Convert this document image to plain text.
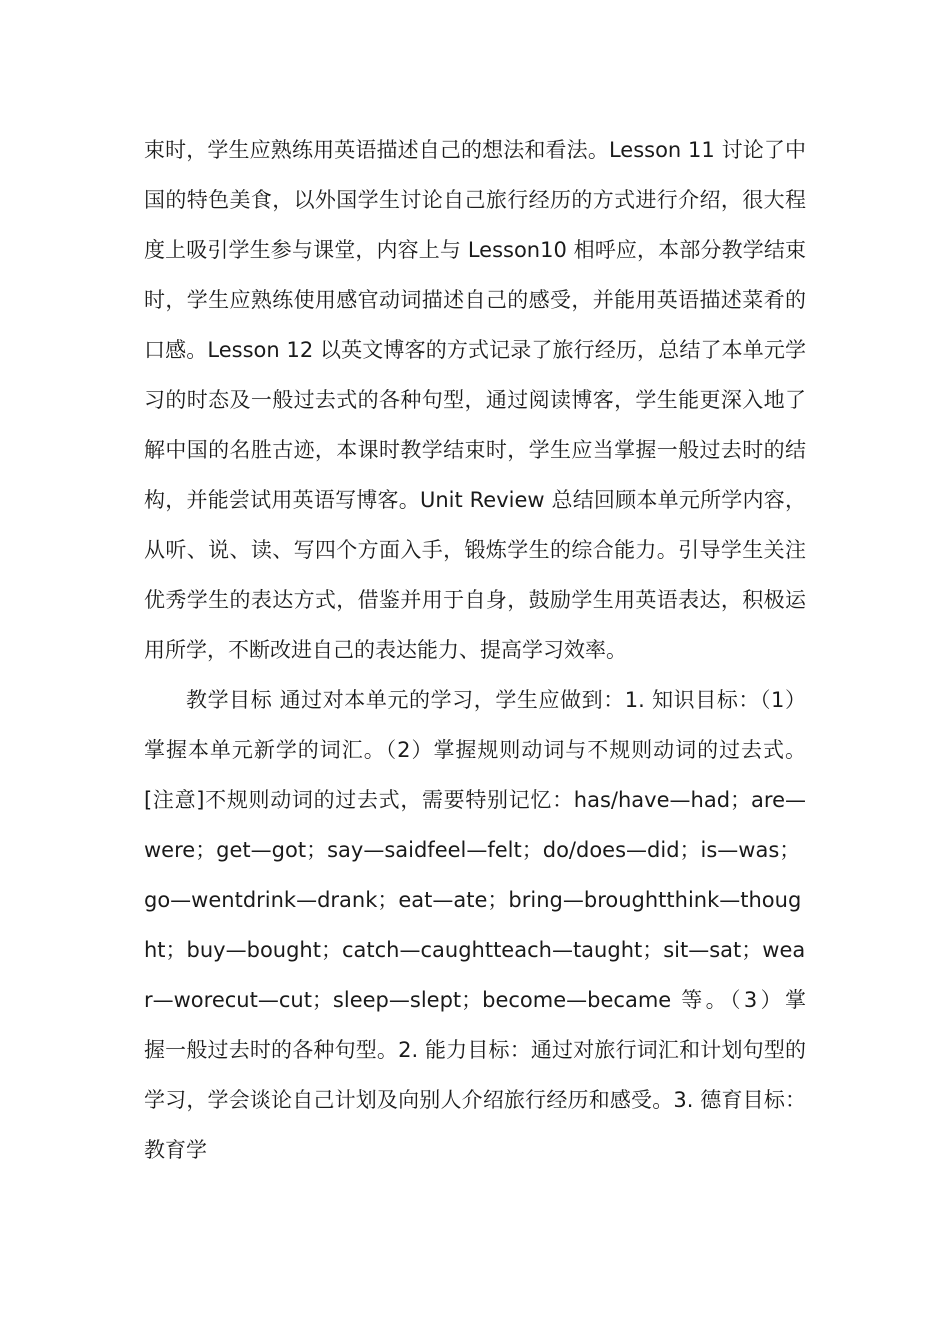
束时，学生应熟练用英语描述自己的想法和看法。Lesson 11 讨论了中国的特色美食，以外国学生讨论自己旅行经历的方式进行介绍，很大程度上吸引学生参与课堂，内容上与 Lesson10 相呼应，本部分教学结束时，学生应熟练使用感官动词描述自己的感受，并能用英语描述菜肴的口感。Lesson 12 以英文博客的方式记录了旅行经历，总结了本单元学习的时态及一般过去式的各种句型，通过阅读博客，学生能更深入地了解中国的名胜古迹，本课时教学结束时，学生应当掌握一般过去时的结构，并能尝试用英语写博客。Unit Review 总结回顾本单元所学内容，从听、说、读、写四个方面入手，锻炼学生的综合能力。引导学生关注优秀学生的表达方式，借鉴并用于自身，鼓励学生用英语表达，积极运用所学，不断改进自己的表达能力、提高学习效率。

教学目标 通过对本单元的学习，学生应做到：1. 知识目标：（1）掌握本单元新学的词汇。（2）掌握规则动词与不规则动词的过去式。[注意]不规则动词的过去式，需要特别记忆：has/have—had；are—were；get—got；say—saidfeel—felt；do/does—did；is—was；go—wentdrink—drank；eat—ate；bring—broughtthink—thought；buy—bought；catch—caughtteach—taught；sit—sat；wear—worecut—cut；sleep—slept；become—became 等。（3）掌握一般过去时的各种句型。2. 能力目标：通过对旅行词汇和计划句型的学习，学会谈论自己计划及向别人介绍旅行经历和感受。3. 德育目标：教育学
